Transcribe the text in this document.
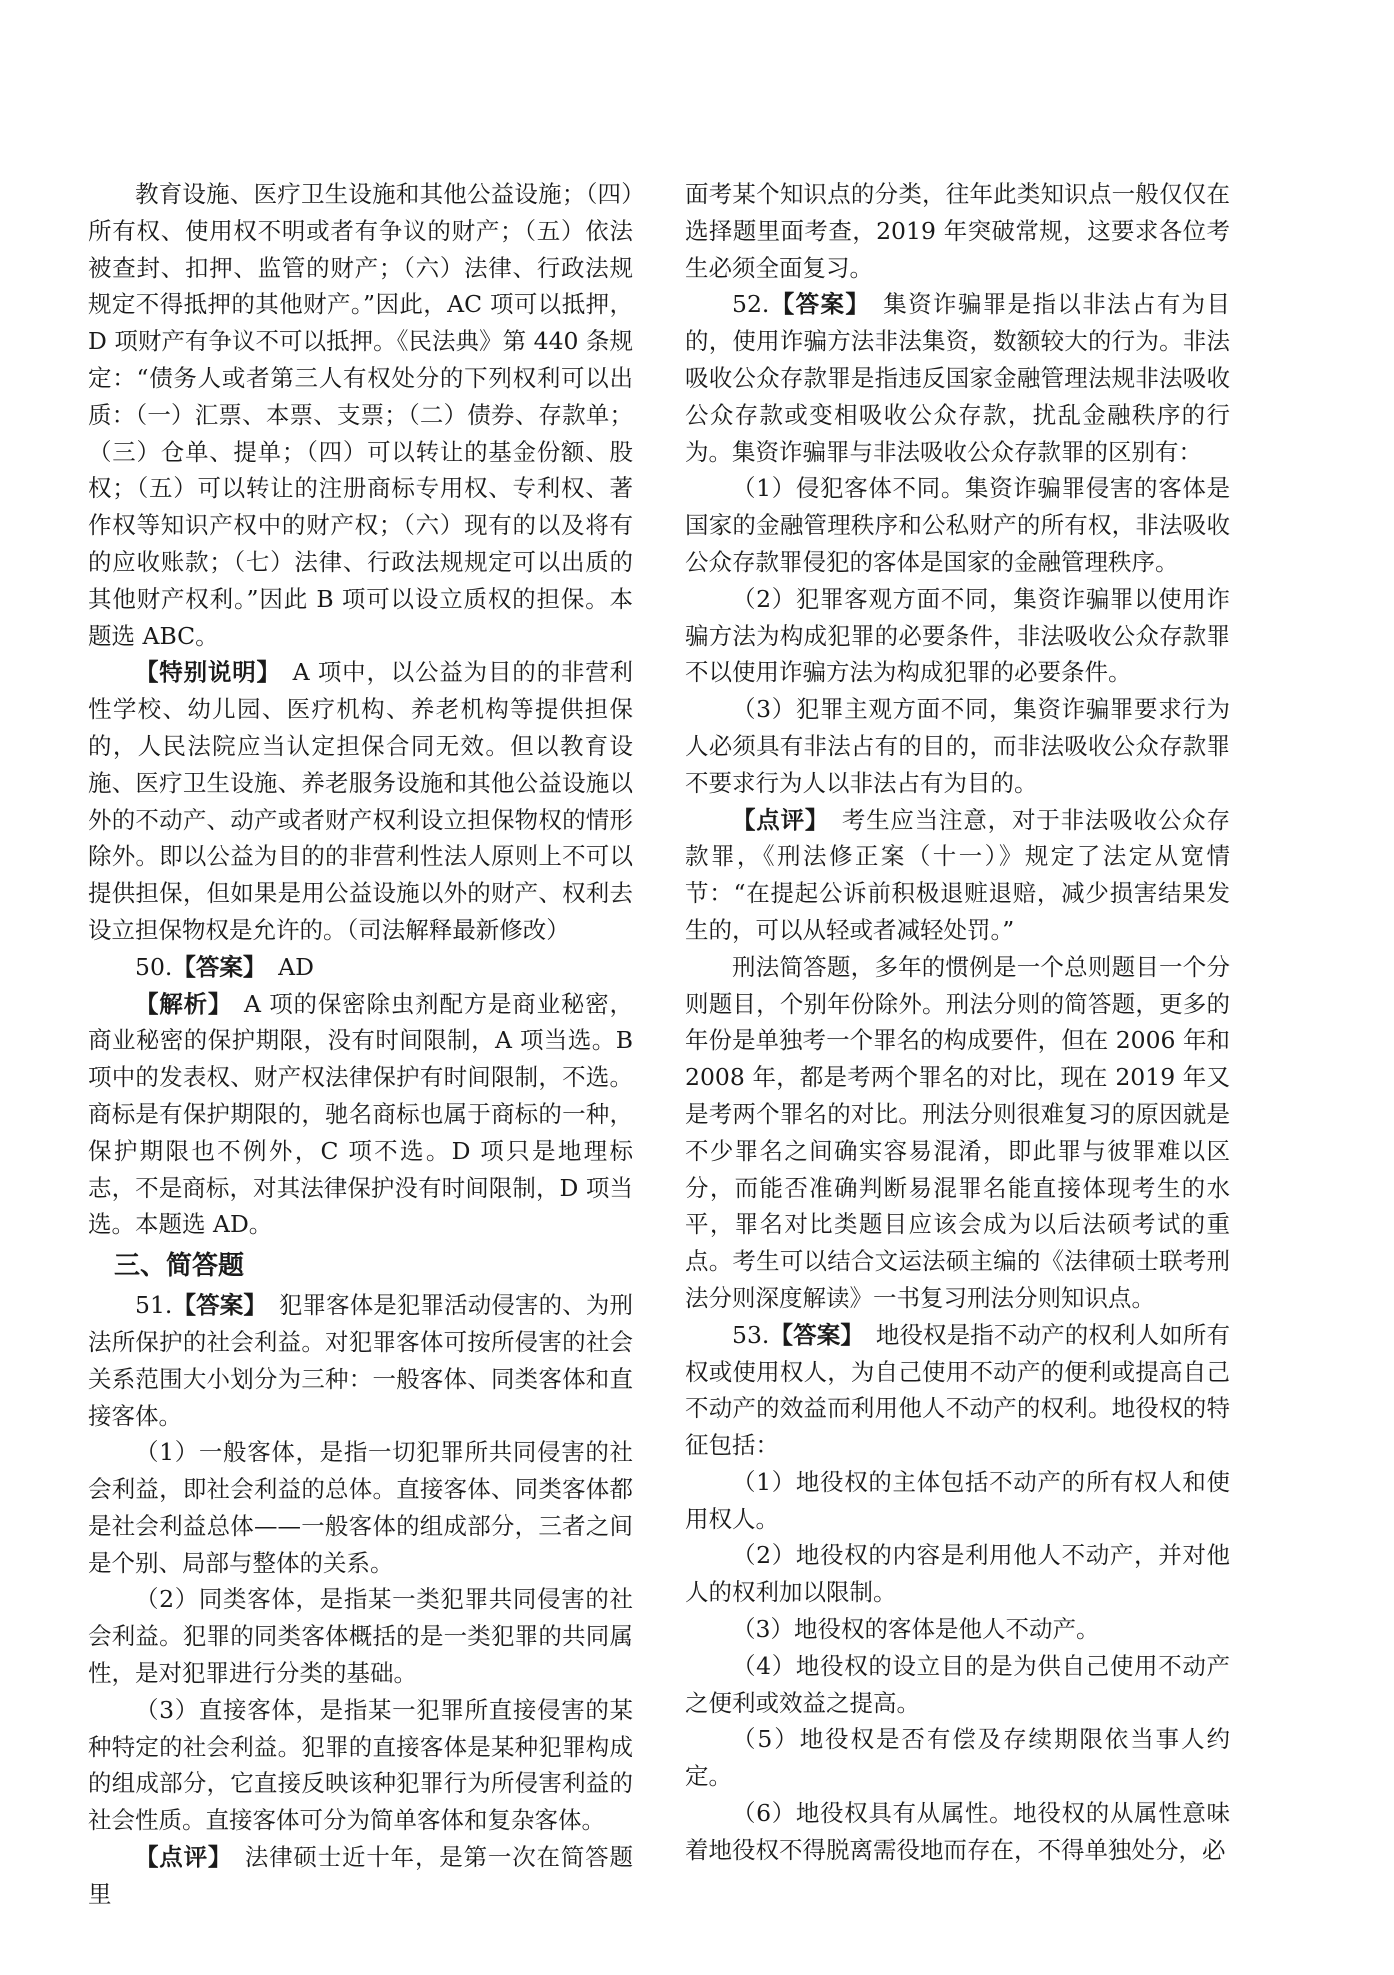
教育设施、医疗卫生设施和其他公益设施；（四）所有权、使用权不明或者有争议的财产；（五）依法被查封、扣押、监管的财产；（六）法律、行政法规规定不得抵押的其他财产。”因此，AC 项可以抵押，D 项财产有争议不可以抵押。《民法典》第 440 条规定：“债务人或者第三人有权处分的下列权利可以出质：（一）汇票、本票、支票；（二）债券、存款单；（三）仓单、提单；（四）可以转让的基金份额、股权；（五）可以转让的注册商标专用权、专利权、著作权等知识产权中的财产权；（六）现有的以及将有的应收账款；（七）法律、行政法规规定可以出质的其他财产权利。”因此 B 项可以设立质权的担保。本题选 ABC。

【特别说明】  A 项中，以公益为目的的非营利性学校、幼儿园、医疗机构、养老机构等提供担保的，人民法院应当认定担保合同无效。但以教育设施、医疗卫生设施、养老服务设施和其他公益设施以外的不动产、动产或者财产权利设立担保物权的情形除外。即以公益为目的的非营利性法人原则上不可以提供担保，但如果是用公益设施以外的财产、权利去设立担保物权是允许的。（司法解释最新修改）

50.【答案】  AD

【解析】  A 项的保密除虫剂配方是商业秘密，商业秘密的保护期限，没有时间限制，A 项当选。B 项中的发表权、财产权法律保护有时间限制，不选。商标是有保护期限的，驰名商标也属于商标的一种，保护期限也不例外，C 项不选。D 项只是地理标志，不是商标，对其法律保护没有时间限制，D 项当选。本题选 AD。

三、简答题

51.【答案】  犯罪客体是犯罪活动侵害的、为刑法所保护的社会利益。对犯罪客体可按所侵害的社会关系范围大小划分为三种：一般客体、同类客体和直接客体。

（1）一般客体，是指一切犯罪所共同侵害的社会利益，即社会利益的总体。直接客体、同类客体都是社会利益总体——一般客体的组成部分，三者之间是个别、局部与整体的关系。

（2）同类客体，是指某一类犯罪共同侵害的社会利益。犯罪的同类客体概括的是一类犯罪的共同属性，是对犯罪进行分类的基础。

（3）直接客体，是指某一犯罪所直接侵害的某种特定的社会利益。犯罪的直接客体是某种犯罪构成的组成部分，它直接反映该种犯罪行为所侵害利益的社会性质。直接客体可分为简单客体和复杂客体。

【点评】  法律硕士近十年，是第一次在简答题里

面考某个知识点的分类，往年此类知识点一般仅仅在选择题里面考查，2019 年突破常规，这要求各位考生必须全面复习。

52.【答案】  集资诈骗罪是指以非法占有为目的，使用诈骗方法非法集资，数额较大的行为。非法吸收公众存款罪是指违反国家金融管理法规非法吸收公众存款或变相吸收公众存款，扰乱金融秩序的行为。集资诈骗罪与非法吸收公众存款罪的区别有：

（1）侵犯客体不同。集资诈骗罪侵害的客体是国家的金融管理秩序和公私财产的所有权，非法吸收公众存款罪侵犯的客体是国家的金融管理秩序。

（2）犯罪客观方面不同，集资诈骗罪以使用诈骗方法为构成犯罪的必要条件，非法吸收公众存款罪不以使用诈骗方法为构成犯罪的必要条件。

（3）犯罪主观方面不同，集资诈骗罪要求行为人必须具有非法占有的目的，而非法吸收公众存款罪不要求行为人以非法占有为目的。

【点评】  考生应当注意，对于非法吸收公众存款罪，《刑法修正案（十一）》规定了法定从宽情节：“在提起公诉前积极退赃退赔，减少损害结果发生的，可以从轻或者减轻处罚。”

刑法简答题，多年的惯例是一个总则题目一个分则题目，个别年份除外。刑法分则的简答题，更多的年份是单独考一个罪名的构成要件，但在 2006 年和 2008 年，都是考两个罪名的对比，现在 2019 年又是考两个罪名的对比。刑法分则很难复习的原因就是不少罪名之间确实容易混淆，即此罪与彼罪难以区分，而能否准确判断易混罪名能直接体现考生的水平，罪名对比类题目应该会成为以后法硕考试的重点。考生可以结合文运法硕主编的《法律硕士联考刑法分则深度解读》一书复习刑法分则知识点。

53.【答案】  地役权是指不动产的权利人如所有权或使用权人，为自己使用不动产的便利或提高自己不动产的效益而利用他人不动产的权利。地役权的特征包括：

（1）地役权的主体包括不动产的所有权人和使用权人。

（2）地役权的内容是利用他人不动产，并对他人的权利加以限制。

（3）地役权的客体是他人不动产。

（4）地役权的设立目的是为供自己使用不动产之便利或效益之提高。

（5）地役权是否有偿及存续期限依当事人约定。

（6）地役权具有从属性。地役权的从属性意味着地役权不得脱离需役地而存在，不得单独处分，必
